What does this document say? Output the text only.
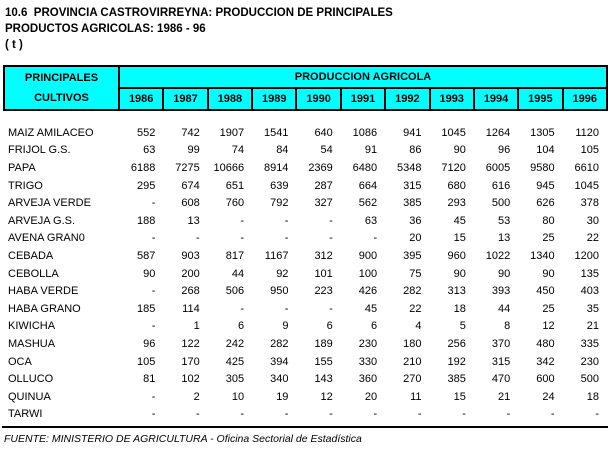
10.6  PROVINCIA CASTROVIRREYNA: PRODUCCION DE PRINCIPALES
PRODUCTOS AGRICOLAS: 1986 - 96
( t )
PRINCIPALES
CULTIVOS	PRODUCCION AGRICOLA										
	1986	1987	1988	1989	1990	1991	1992	1993	1994	1995	1996
MAIZ AMILACEO	552	742	1907	1541	640	1086	941	1045	1264	1305	1120
FRIJOL G.S.	63	99	74	84	54	91	86	90	96	104	105
PAPA	6188	7275	10666	8914	2369	6480	5348	7120	6005	9580	6610
TRIGO	295	674	651	639	287	664	315	680	616	945	1045
ARVEJA VERDE	-	608	760	792	327	562	385	293	500	626	378
ARVEJA G.S.	188	13	-	-	-	63	36	45	53	80	30
AVENA GRAN0	-	-	-	-	-	-	20	15	13	25	22
CEBADA	587	903	817	1167	312	900	395	960	1022	1340	1200
CEBOLLA	90	200	44	92	101	100	75	90	90	90	135
HABA VERDE	-	268	506	950	223	426	282	313	393	450	403
HABA GRANO	185	114	-	-	-	45	22	18	44	25	35
KIWICHA	-	1	6	9	6	6	4	5	8	12	21
MASHUA	96	122	242	282	189	230	180	256	370	480	335
OCA	105	170	425	394	155	330	210	192	315	342	230
OLLUCO	81	102	305	340	143	360	270	385	470	600	500
QUINUA	-	2	10	19	12	20	11	15	21	24	18
TARWI	-	-	-	-	-	-	-	-	-	-	-
FUENTE: MINISTERIO DE AGRICULTURA - Oficina Sectorial de Estadística
